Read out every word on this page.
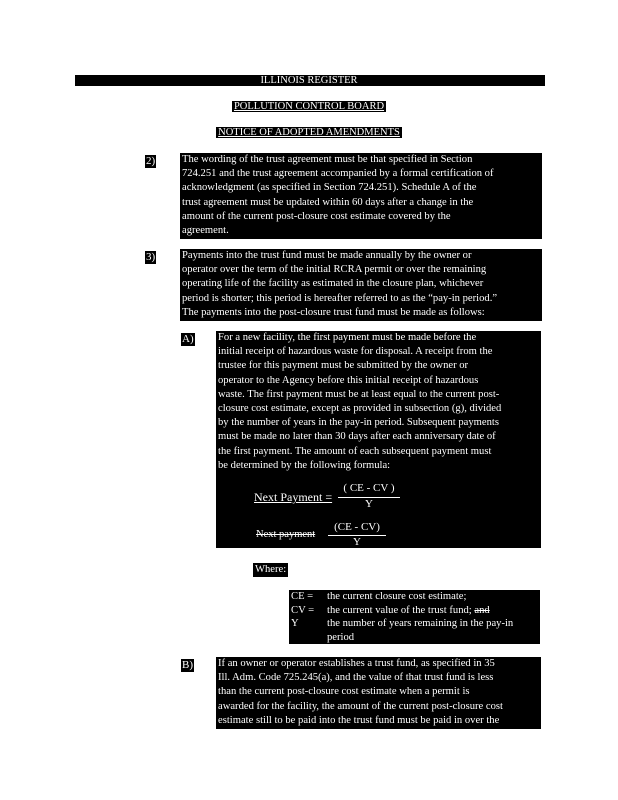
ILLINOIS REGISTER
POLLUTION CONTROL BOARD
NOTICE OF ADOPTED AMENDMENTS
2)	The wording of the trust agreement must be that specified in Section
724.251 and the trust agreement accompanied by a formal certification of
acknowledgment (as specified in Section 724.251). Schedule A of the
trust agreement must be updated within 60 days after a change in the
amount of the current post-closure cost estimate covered by the
agreement.
3)	Payments into the trust fund must be made annually by the owner or
operator over the term of the initial RCRA permit or over the remaining
operating life of the facility as estimated in the closure plan, whichever
period is shorter; this period is hereafter referred to as the “pay-in period.”
The payments into the post-closure trust fund must be made as follows:
A) For a new facility, the first payment must be made before the
initial receipt of hazardous waste for disposal. A receipt from the
trustee for this payment must be submitted by the owner or
operator to the Agency before this initial receipt of hazardous
waste. The first payment must be at least equal to the current post-
closure cost estimate, except as provided in subsection (g), divided
by the number of years in the pay-in period. Subsequent payments
must be made no later than 30 days after each anniversary date of
the first payment. The amount of each subsequent payment must
be determined by the following formula:
Next Payment =
( CE - CV )
Y
Next payment
(CE - CV)
Y
Where:
CE = the current closure cost estimate;
CV = the current value of the trust fund; and
Y	the number of years remaining in the pay-in
period
B) If an owner or operator establishes a trust fund, as specified in 35
Ill. Adm. Code 725.245(a), and the value of that trust fund is less
than the current post-closure cost estimate when a permit is
awarded for the facility, the amount of the current post-closure cost
estimate still to be paid into the trust fund must be paid in over the
